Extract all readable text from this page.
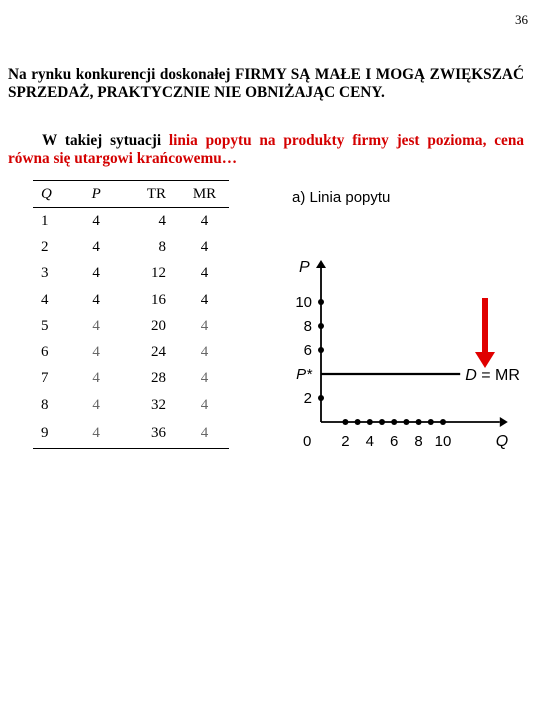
36
Na rynku konkurencji doskonałej FIRMY SĄ MAŁE I MOGĄ ZWIĘKSZAĆ SPRZEDAŻ, PRAKTYCZNIE NIE OBNIŻAJĄC CENY.
W takiej sytuacji linia popytu na produkty firmy jest pozioma, cena równa się utargowi krańcowemu…
Q	P	TR	MR
1	4	4	4
2	4	8	4
3	4	12	4
4	4	16	4
5	4	20	4
6	4	24	4
7	4	28	4
8	4	32	4
9	4	36	4
a) Linia popytu
P
Q
0
2
P*
6
8
10
2 4 6 8 10
D = MR
